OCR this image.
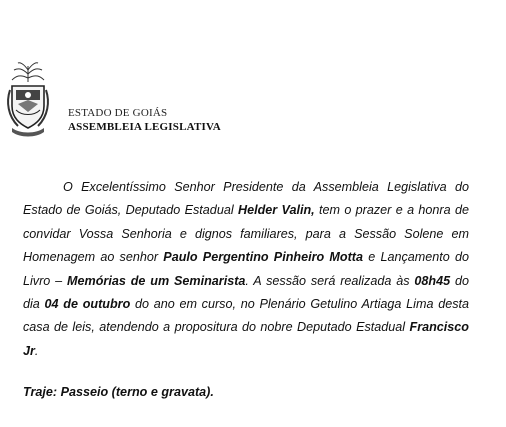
ESTADO DE GOIÁS
ASSEMBLEIA LEGISLATIVA
O Excelentíssimo Senhor Presidente da Assembleia Legislativa do Estado de Goiás, Deputado Estadual Helder Valin, tem o prazer e a honra de convidar Vossa Senhoria e dignos familiares, para a Sessão Solene em Homenagem ao senhor Paulo Pergentino Pinheiro Motta e Lançamento do Livro – Memórias de um Seminarista. A sessão será realizada às 08h45 do dia 04 de outubro do ano em curso, no Plenário Getulino Artiaga Lima desta casa de leis, atendendo a propositura do nobre Deputado Estadual Francisco Jr.
Traje: Passeio (terno e gravata).
